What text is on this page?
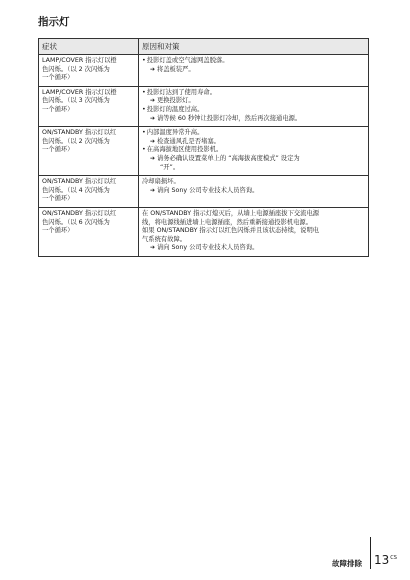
指示灯
症状	原因和对策

LAMP/COVER 指示灯以橙
色闪烁。（以 2 次闪烁为
一个循环）	• 投影灯盖或空气滤网盖脱落。
➔ 将盖板装严。

LAMP/COVER 指示灯以橙
色闪烁。（以 3 次闪烁为
一个循环）	• 投影灯达到了使用寿命。
➔ 更换投影灯。
• 投影灯的温度过高。
➔ 请等候 60 秒钟让投影灯冷却，然后再次接通电源。

ON/STANDBY 指示灯以红
色闪烁。（以 2 次闪烁为
一个循环）	• 内部温度异常升高。
➔ 检查通风孔是否堵塞。
• 在高海拔地区使用投影机。
➔ 请务必确认设置菜单上的 “高海拔高度模式” 设定为
“开”。

ON/STANDBY 指示灯以红
色闪烁。（以 4 次闪烁为
一个循环）	冷却扇损坏。
➔ 请向 Sony 公司专业技术人员咨询。

ON/STANDBY 指示灯以红
色闪烁。（以 6 次闪烁为
一个循环）	在 ON/STANDBY 指示灯熄灭后，从墙上电源插座拔下交流电源
线，将电源线插进墙上电源插座，然后重新接通投影机电源。
如果 ON/STANDBY 指示灯以红色闪烁并且该状态持续，说明电
气系统有故障。
➔ 请向 Sony 公司专业技术人员咨询。
故障排除 $13^{CS}$
